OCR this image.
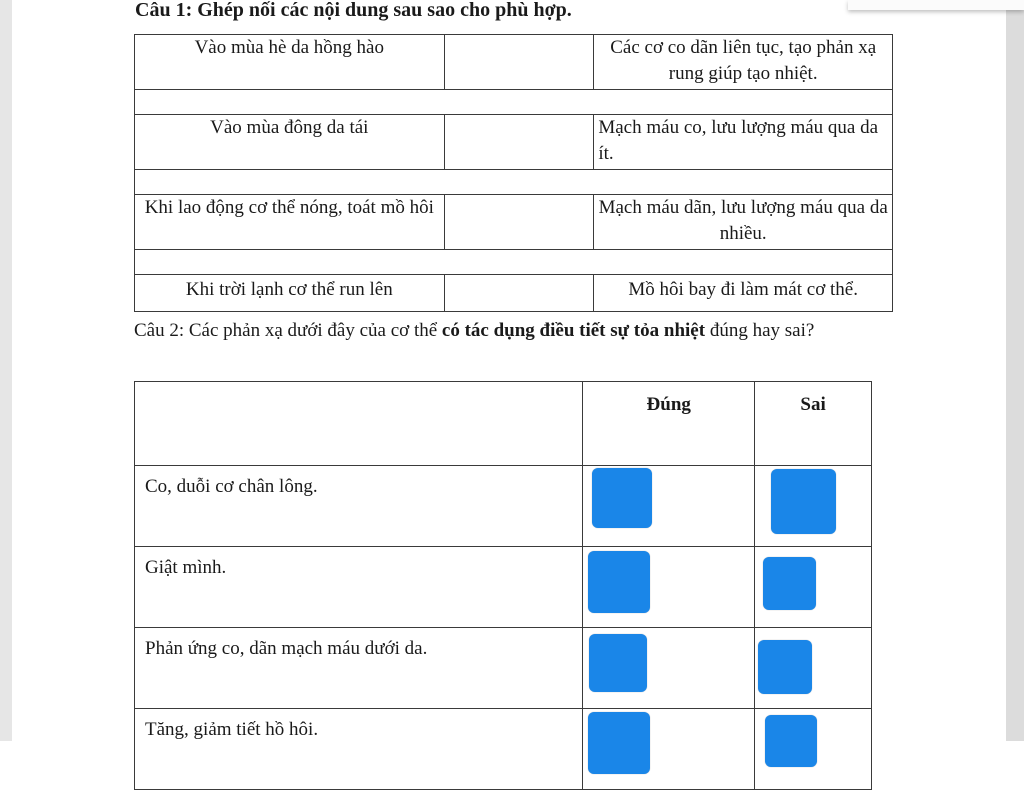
Câu 1: Ghép nối các nội dung sau sao cho phù hợp.
Vào mùa hè da hồng hào		Các cơ co dãn liên tục, tạo phản xạ rung giúp tạo nhiệt.

Vào mùa đông da tái		Mạch máu co, lưu lượng máu qua da ít.

Khi lao động cơ thể nóng, toát mồ hôi		Mạch máu dãn, lưu lượng máu qua da nhiều.

Khi trời lạnh cơ thể run lên		Mồ hôi bay đi làm mát cơ thể.
Câu 2: Các phản xạ dưới đây của cơ thể có tác dụng điều tiết sự tỏa nhiệt đúng hay sai?
	Đúng	Sai
Co, duỗi cơ chân lông.	

Giật mình.	

Phản ứng co, dãn mạch máu dưới da.	

Tăng, giảm tiết hồ hôi.	
